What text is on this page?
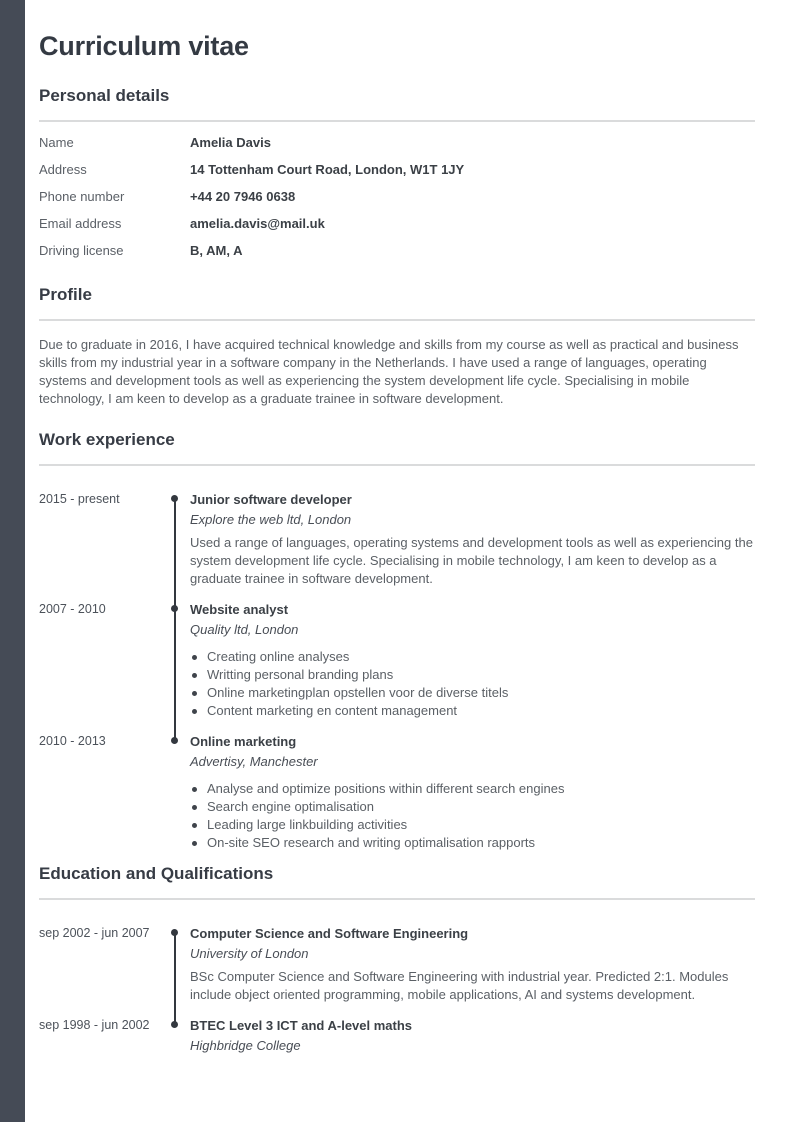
Curriculum vitae
Personal details
Name	Amelia Davis
Address	14 Tottenham Court Road, London, W1T 1JY
Phone number	+44 20 7946 0638
Email address	amelia.davis@mail.uk
Driving license	B, AM, A
Profile

Due to graduate in 2016, I have acquired technical knowledge and skills from my course as well as practical and business skills from my industrial year in a software company in the Netherlands. I have used a range of languages, operating systems and development tools as well as experiencing the system development life cycle. Specialising in mobile technology, I am keen to develop as a graduate trainee in software development.

Work experience
2015 - present	Junior software developer
Explore the web ltd, London

Used a range of languages, operating systems and development tools as well as experiencing the system development life cycle. Specialising in mobile technology, I am keen to develop as a graduate trainee in software development.

2007 - 2010	Website analyst
Quality ltd, London
Creating online analyses
Writting personal branding plans
Online marketingplan opstellen voor de diverse titels
Content marketing en content management
2010 - 2013	Online marketing
Advertisy, Manchester
Analyse and optimize positions within different search engines
Search engine optimalisation
Leading large linkbuilding activities
On-site SEO research and writing optimalisation rapports
Education and Qualifications
sep 2002 - jun 2007	Computer Science and Software Engineering
University of London

BSc Computer Science and Software Engineering with industrial year. Predicted 2:1. Modules include object oriented programming, mobile applications, AI and systems development.

sep 1998 - jun 2002	BTEC Level 3 ICT and A-level maths
Highbridge College
